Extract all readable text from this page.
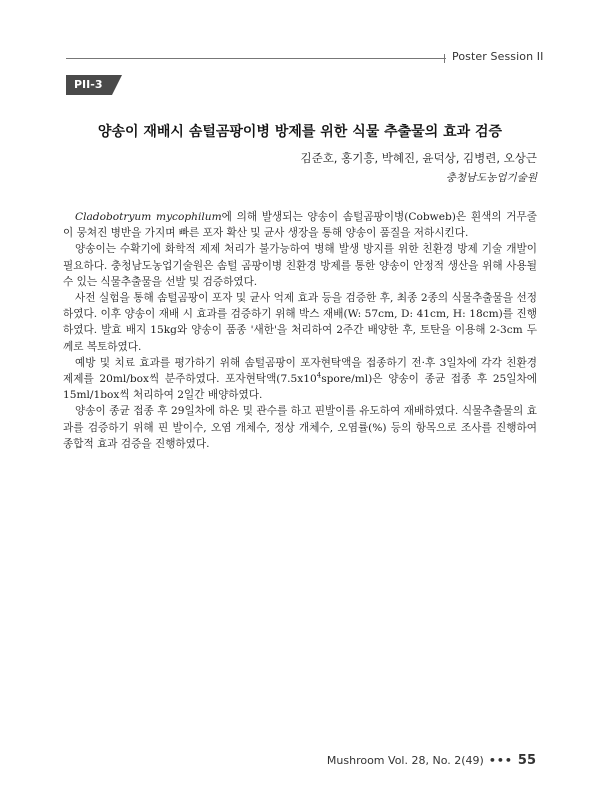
Poster Session II
PII-3
양송이 재배시 솜털곰팡이병 방제를 위한 식물 추출물의 효과 검증
김준호, 홍기흥, 박혜진, 윤덕상, 김병련, 오상근
충청남도농업기술원

Cladobotryum mycophilum에 의해 발생되는 양송이 솜털곰팡이병(Cobweb)은 흰색의 거무줄이 뭉쳐진 병반을 가지며 빠른 포자 확산 및 균사 생장을 통해 양송이 품질을 저하시킨다.

양송이는 수확기에 화학적 제제 처리가 불가능하여 병해 발생 방지를 위한 친환경 방제 기술 개발이 필요하다. 충청남도농업기술원은 솜털 곰팡이병 친환경 방제를 통한 양송이 안정적 생산을 위해 사용될 수 있는 식물추출물을 선발 및 검증하였다.

사전 실험을 통해 솜털곰팡이 포자 및 균사 억제 효과 등을 검증한 후, 최종 2종의 식물추출물을 선정하였다. 이후 양송이 재배 시 효과를 검증하기 위해 박스 재배(W: 57cm, D: 41cm, H: 18cm)를 진행하였다. 발효 배지 15kg와 양송이 품종 '새한'을 처리하여 2주간 배양한 후, 토탄을 이용해 2-3cm 두께로 복토하였다.

예방 및 치료 효과를 평가하기 위해 솜털곰팡이 포자현탁액을 접종하기 전·후 3일차에 각각 친환경 제제를 20ml/box씩 분주하였다. 포자현탁액$(7.5x10^4spore/ml)$은 양송이 종균 접종 후 25일차에 15ml/1box씩 처리하여 2일간 배양하였다.

양송이 종균 접종 후 29일차에 하온 및 관수를 하고 핀발이를 유도하여 재배하였다. 식물추출물의 효과를 검증하기 위해 핀 발이수, 오염 개체수, 정상 개체수, 오염률(%) 등의 항목으로 조사를 진행하여 종합적 효과 검증을 진행하였다.

Mushroom Vol. 28, No. 2(49) ••• 55
